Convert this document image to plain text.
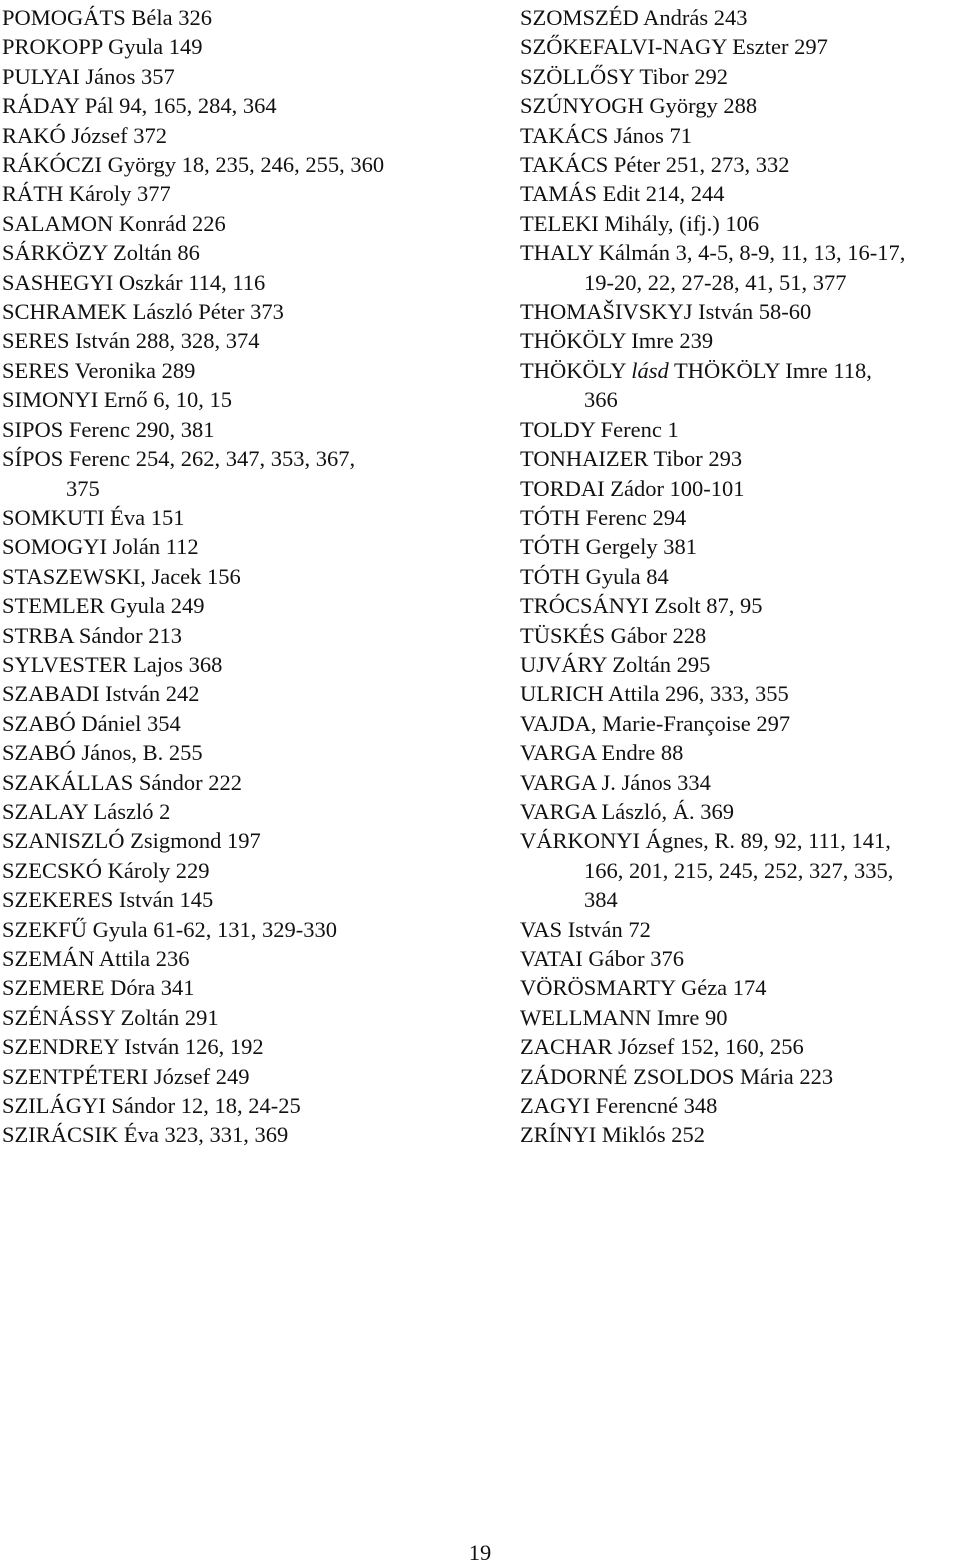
POMOGÁTS Béla 326
PROKOPP Gyula 149
PULYAI János 357
RÁDAY Pál 94, 165, 284, 364
RAKÓ József 372
RÁKÓCZI György 18, 235, 246, 255, 360
RÁTH Károly 377
SALAMON Konrád 226
SÁRKÖZY Zoltán 86
SASHEGYI Oszkár 114, 116
SCHRAMEK László Péter 373
SERES István 288, 328, 374
SERES Veronika 289
SIMONYI Ernő 6, 10, 15
SIPOS Ferenc 290, 381
SÍPOS Ferenc 254, 262, 347, 353, 367,
375
SOMKUTI Éva 151
SOMOGYI Jolán 112
STASZEWSKI, Jacek 156
STEMLER Gyula 249
STRBA Sándor 213
SYLVESTER Lajos 368
SZABADI István 242
SZABÓ Dániel 354
SZABÓ János, B. 255
SZAKÁLLAS Sándor 222
SZALAY László 2
SZANISZLÓ Zsigmond 197
SZECSKÓ Károly 229
SZEKERES István 145
SZEKFŰ Gyula 61-62, 131, 329-330
SZEMÁN Attila 236
SZEMERE Dóra 341
SZÉNÁSSY Zoltán 291
SZENDREY István 126, 192
SZENTPÉTERI József 249
SZILÁGYI Sándor 12, 18, 24-25
SZIRÁCSIK Éva 323, 331, 369
SZOMSZÉD András 243
SZŐKEFALVI-NAGY Eszter 297
SZÖLLŐSY Tibor 292
SZÚNYOGH György 288
TAKÁCS János 71
TAKÁCS Péter 251, 273, 332
TAMÁS Edit 214, 244
TELEKI Mihály, (ifj.) 106
THALY Kálmán 3, 4-5, 8-9, 11, 13, 16-17,
19-20, 22, 27-28, 41, 51, 377
THOMAŠIVSKYJ István 58-60
THÖKÖLY Imre 239
THÖKÖLY lásd THÖKÖLY Imre 118,
366
TOLDY Ferenc 1
TONHAIZER Tibor 293
TORDAI Zádor 100-101
TÓTH Ferenc 294
TÓTH Gergely 381
TÓTH Gyula 84
TRÓCSÁNYI Zsolt 87, 95
TÜSKÉS Gábor 228
UJVÁRY Zoltán 295
ULRICH Attila 296, 333, 355
VAJDA, Marie-Françoise 297
VARGA Endre 88
VARGA J. János 334
VARGA László, Á. 369
VÁRKONYI Ágnes, R. 89, 92, 111, 141,
166, 201, 215, 245, 252, 327, 335,
384
VAS István 72
VATAI Gábor 376
VÖRÖSMARTY Géza 174
WELLMANN Imre 90
ZACHAR József 152, 160, 256
ZÁDORNÉ ZSOLDOS Mária 223
ZAGYI Ferencné 348
ZRÍNYI Miklós 252
19
